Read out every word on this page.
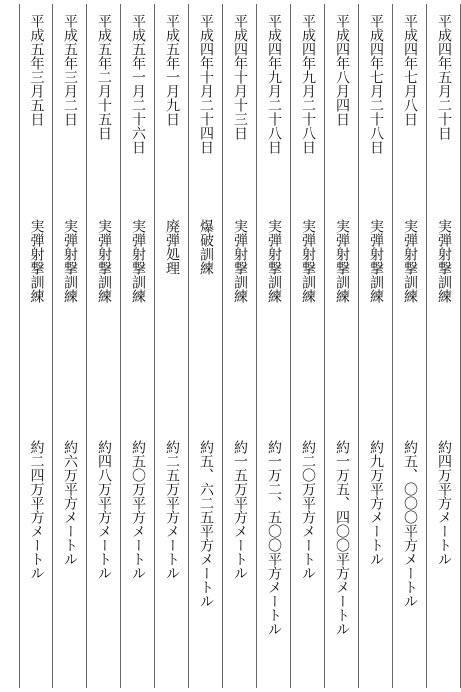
平成四年五月二十日
実弾射撃訓練
約四万平方メートル
平成四年七月八日
実弾射撃訓練
約五、〇〇〇平方メートル
平成四年七月二十八日
実弾射撃訓練
約九万平方メートル
平成四年八月四日
実弾射撃訓練
約一万五、四〇〇平方メートル
平成四年九月二十八日
実弾射撃訓練
約二〇万平方メートル
平成四年九月二十八日
実弾射撃訓練
約一万二、五〇〇平方メートル
平成四年十月十三日
実弾射撃訓練
約一五万平方メートル
平成四年十月二十四日
爆破訓練
約五、六二五平方メートル
平成五年一月九日
廃弾処理
約二五万平方メートル
平成五年一月二十六日
実弾射撃訓練
約五〇万平方メートル
平成五年二月十五日
実弾射撃訓練
約四八万平方メートル
平成五年三月二日
実弾射撃訓練
約六万平方メートル
平成五年三月五日
実弾射撃訓練
約二四万平方メートル
